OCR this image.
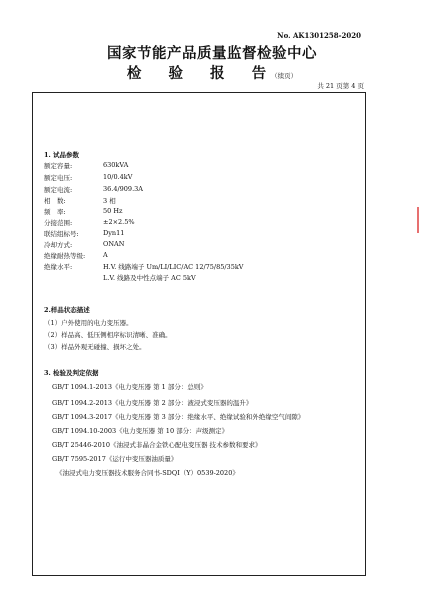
No. AK1301258-2020
国家节能产品质量监督检验中心
检 验 报 告（续页）
共 21 页第 4 页
1. 试品参数
额定容量:	630kVA
额定电压:	10/0.4kV
额定电流:	36.4/909.3A
相　数:	3 相
频　率:	50 Hz
分接范围:	±2×2.5%
联结组标号:	Dyn11
冷却方式:	ONAN
绝缘耐热等级:	A
绝缘水平:	H.V. 线路端子 Um/LI/LIC/AC 12/75/85/35kV
L.V. 线路及中性点端子 AC 5kV
2.样品状态描述
（1）户外使用的电力变压器。
（2）样品高、低压侧相序标识清晰、准确。
（3）样品外观无碰撞、损坏之处。
3. 检验及判定依据
GB/T 1094.1-2013《电力变压器 第 1 部分：总则》
GB/T 1094.2-2013《电力变压器 第 2 部分：液浸式变压器的温升》
GB/T 1094.3-2017《电力变压器 第 3 部分：绝缘水平、绝缘试验和外绝缘空气间隙》
GB/T 1094.10-2003《电力变压器 第 10 部分：声级测定》
GB/T 25446-2010《油浸式非晶合金铁心配电变压器 技术参数和要求》
GB/T 7595-2017《运行中变压器油质量》
《油浸式电力变压器技术服务合同书-SDQI（Y）0539-2020》
